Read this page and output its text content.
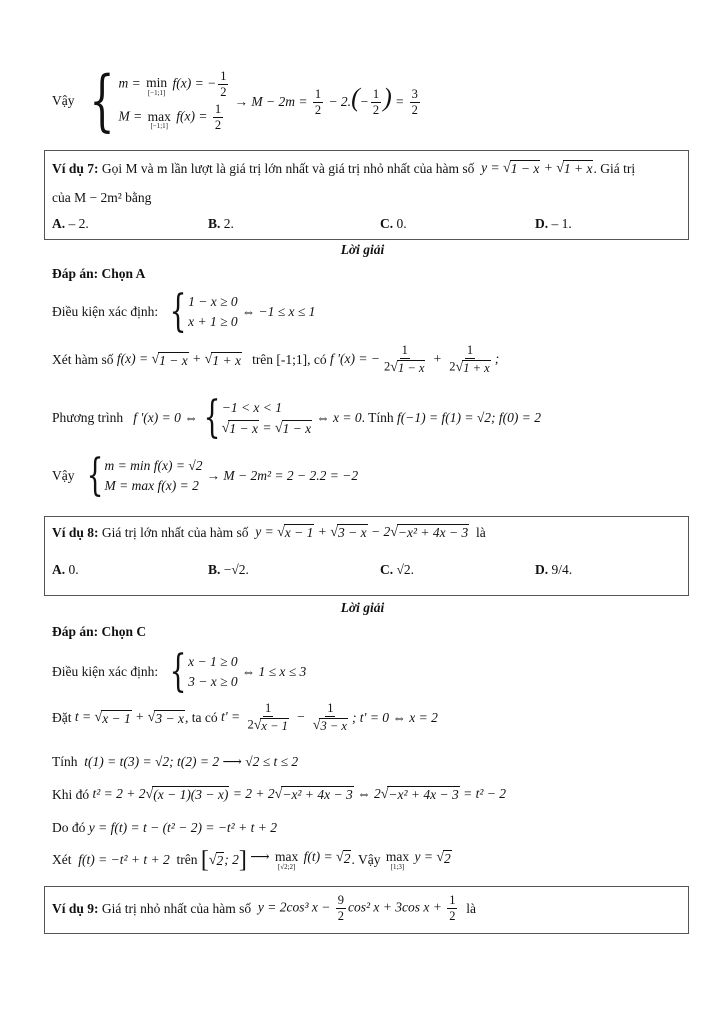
Vậy { m = min
[−1;1]
f(x) = − $\frac{1}{2}$
M = max
[−1;1]
$f(x) = \frac{1}{2}$
→ $M - 2m = \frac{1}{2} - 2.(- \frac{1}{2}$ ) = $\frac{3}{2}$
Ví dụ 7:
Gọi M và m lần lượt là giá trị lớn nhất và giá trị nhỏ nhất của hàm số
y = √ 1 − x + √ 1 + x . Giá trị
của M − 2m² bằng
A. – 2.	B. 2.	C. 0.	D. – 1.
Lời giải
Đáp án: Chọn A
Điều kiện xác định: { 1 − x ≥ 0
x + 1 ≥ 0
⇔ −1 ≤ x ≤ 1
Xét hàm số
f(x) = √ 1 − x + √ 1 + x
trên [-1;1], có
f '(x) = − $\frac{1}{2 √ 1 - x} + \frac{1}{2 √ 1 + x}$ ;
Phương trình
f '(x) = 0 ⇔ { −1 < x < 1
√ 1 − x = √ 1 − x
⇔ x = 0 . Tính
f(−1) = f(1) = √2; f(0) = 2
Vậy { m = min f(x) = √2
M = max f(x) = 2
→ M − 2m² = 2 − 2.2 = −2
Ví dụ 8:
Giá trị lớn nhất của hàm số
y = √ x − 1 + √ 3 − x − 2 √ −x² + 4x − 3
là
A. 0.	B. −√2.	C. √2.	D. 9/4.
Lời giải
Đáp án: Chọn C
Điều kiện xác định: { x − 1 ≥ 0
3 − x ≥ 0
⇔ 1 ≤ x ≤ 3
Đặt
t = √ x − 1 + √ 3 − x , ta có
$t' = \frac{1}{2 √ x - 1} - \frac{1}{√ 3 - x}$ ; t' = 0 ⇔ x = 2
Tính
t(1) = t(3) = √2; t(2) = 2 ⟶ √2 ≤ t ≤ 2
Khi đó
t² = 2 + 2 √ (x − 1)(3 − x) = 2 + 2 √ −x² + 4x − 3 ⇔ 2 √ −x² + 4x − 3 = t² − 2
Do đó
y = f(t) = t − (t² − 2) = −t² + t + 2
Xét
f(t) = −t² + t + 2
trên
[ √ 2 ; 2 ] ⟶ max
[√2;2]
f(t) = √ 2 . Vậy
max
[1;3]
y = √ 2
Ví dụ 9:
Giá trị nhỏ nhất của hàm số
y = 2cos³ $x - \frac{9}{2} \cos^2$ x + 3cos $x + \frac{1}{2}$
là
